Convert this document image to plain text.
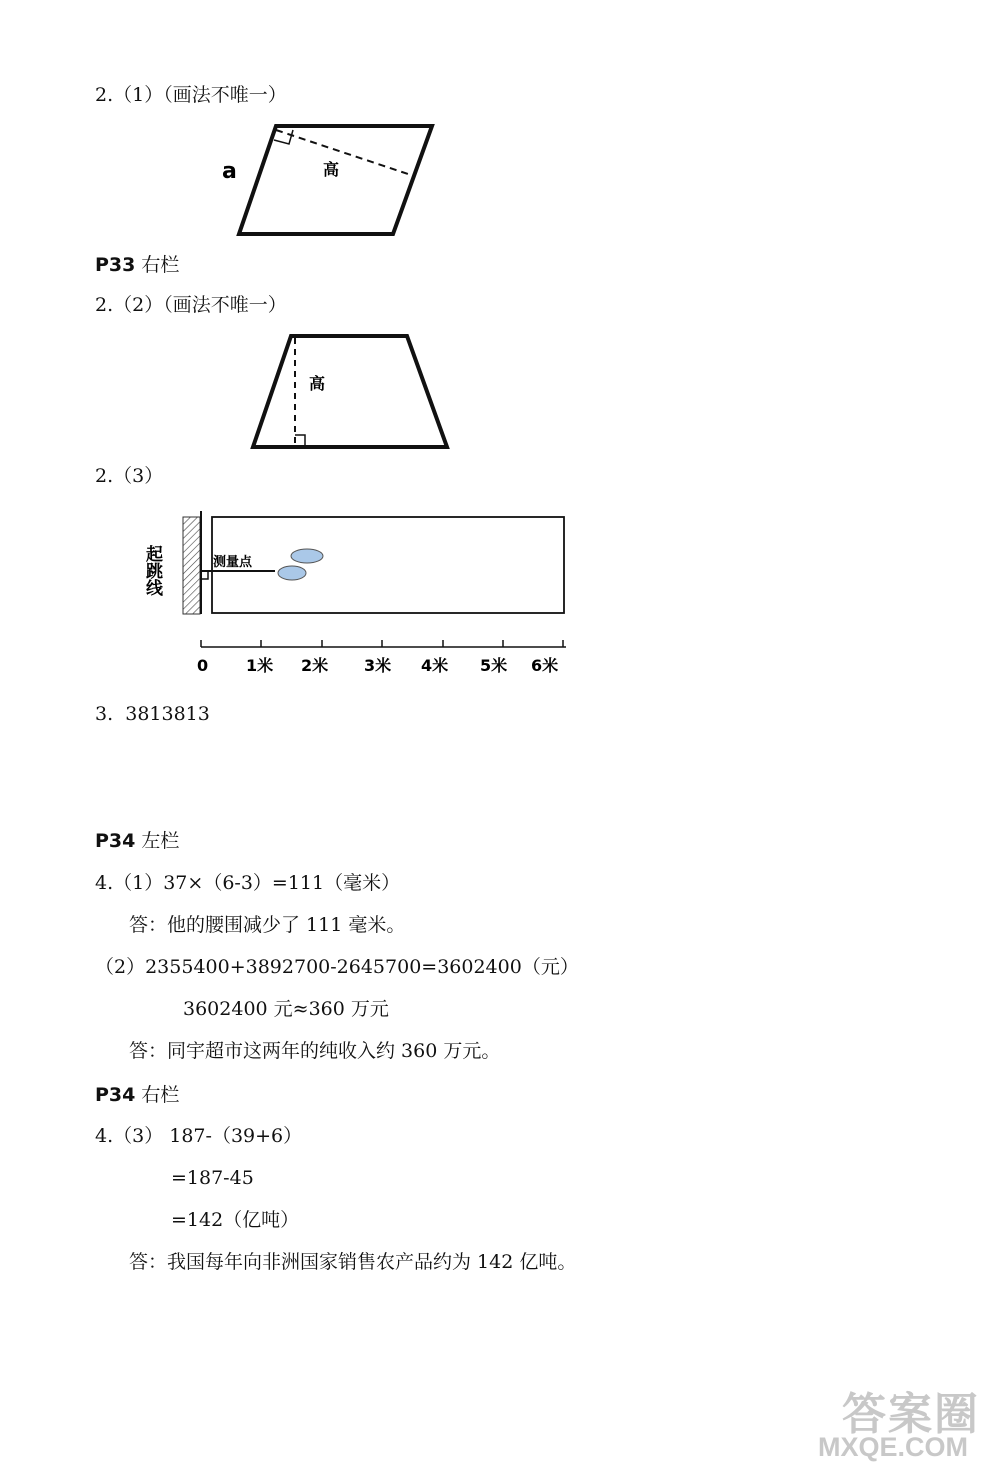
2.（1）（画法不唯一）
a	高
高
测量点
起跳线
0 1米 2米 3米 4米 5米 6米
P33 右栏
2.（2）（画法不唯一）
2.（3）
3. 3813813
P34 左栏
4.（1）37×（6-3）=111（毫米）
答：他的腰围减少了 111 毫米。
（2）2355400+3892700-2645700=3602400（元）
3602400 元≈360 万元
答：同宇超市这两年的纯收入约 360 万元。
P34 右栏
4.（3） 187-（39+6）
=187-45
=142（亿吨）
答：我国每年向非洲国家销售农产品约为 142 亿吨。
答案圈
MXQE.COM
